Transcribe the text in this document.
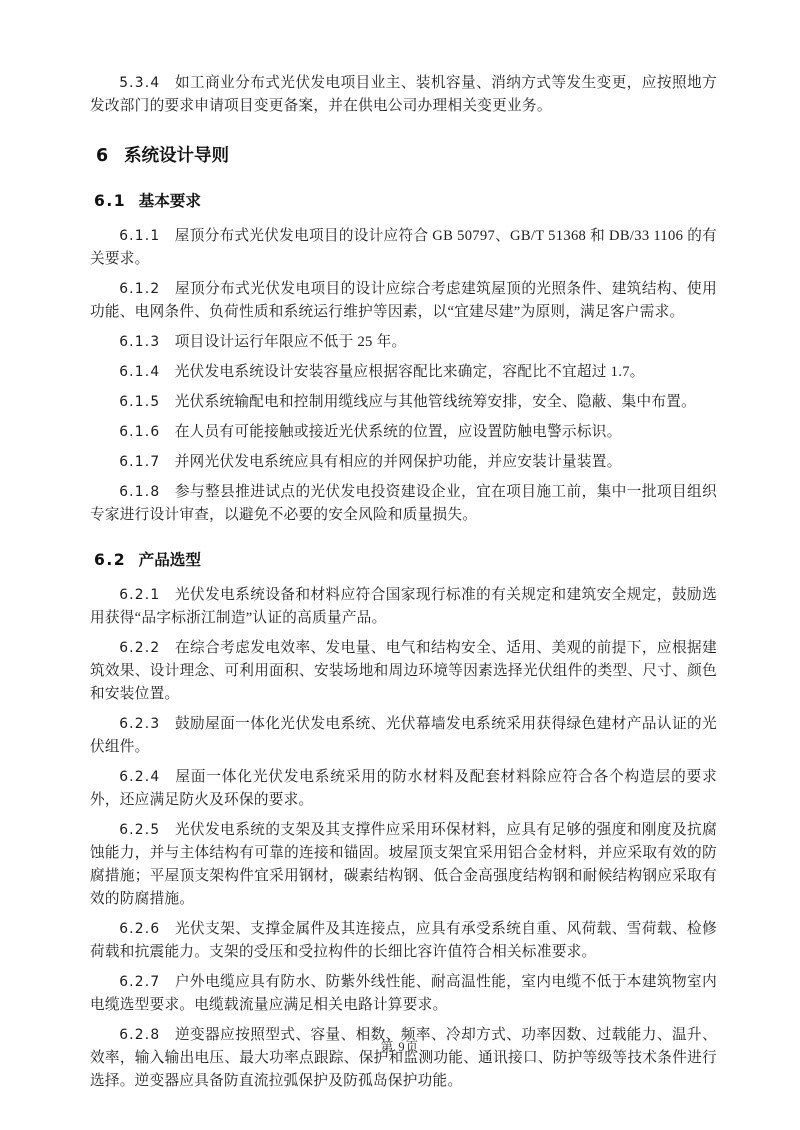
5.3.4 如工商业分布式光伏发电项目业主、装机容量、消纳方式等发生变更，应按照地方发改部门的要求申请项目变更备案，并在供电公司办理相关变更业务。

6 系统设计导则
6.1 基本要求

6.1.1 屋顶分布式光伏发电项目的设计应符合 GB 50797、GB/T 51368 和 DB/33 1106 的有关要求。

6.1.2 屋顶分布式光伏发电项目的设计应综合考虑建筑屋顶的光照条件、建筑结构、使用功能、电网条件、负荷性质和系统运行维护等因素，以“宜建尽建”为原则，满足客户需求。

6.1.3 项目设计运行年限应不低于 25 年。

6.1.4 光伏发电系统设计安装容量应根据容配比来确定，容配比不宜超过 1.7。

6.1.5 光伏系统输配电和控制用缆线应与其他管线统筹安排，安全、隐蔽、集中布置。

6.1.6 在人员有可能接触或接近光伏系统的位置，应设置防触电警示标识。

6.1.7 并网光伏发电系统应具有相应的并网保护功能，并应安装计量装置。

6.1.8 参与整县推进试点的光伏发电投资建设企业，宜在项目施工前，集中一批项目组织专家进行设计审查，以避免不必要的安全风险和质量损失。

6.2 产品选型

6.2.1 光伏发电系统设备和材料应符合国家现行标准的有关规定和建筑安全规定，鼓励选用获得“品字标浙江制造”认证的高质量产品。

6.2.2 在综合考虑发电效率、发电量、电气和结构安全、适用、美观的前提下，应根据建筑效果、设计理念、可利用面积、安装场地和周边环境等因素选择光伏组件的类型、尺寸、颜色和安装位置。

6.2.3 鼓励屋面一体化光伏发电系统、光伏幕墙发电系统采用获得绿色建材产品认证的光伏组件。

6.2.4 屋面一体化光伏发电系统采用的防水材料及配套材料除应符合各个构造层的要求外，还应满足防火及环保的要求。

6.2.5 光伏发电系统的支架及其支撑件应采用环保材料，应具有足够的强度和刚度及抗腐蚀能力，并与主体结构有可靠的连接和锚固。坡屋顶支架宜采用铝合金材料，并应采取有效的防腐措施；平屋顶支架构件宜采用钢材，碳素结构钢、低合金高强度结构钢和耐候结构钢应采取有效的防腐措施。

6.2.6 光伏支架、支撑金属件及其连接点，应具有承受系统自重、风荷载、雪荷载、检修荷载和抗震能力。支架的受压和受拉构件的长细比容许值符合相关标准要求。

6.2.7 户外电缆应具有防水、防紫外线性能、耐高温性能，室内电缆不低于本建筑物室内电缆选型要求。电缆载流量应满足相关电路计算要求。

6.2.8 逆变器应按照型式、容量、相数、频率、冷却方式、功率因数、过载能力、温升、效率，输入输出电压、最大功率点跟踪、保护和监测功能、通讯接口、防护等级等技术条件进行选择。逆变器应具备防直流拉弧保护及防孤岛保护功能。

第 9页
